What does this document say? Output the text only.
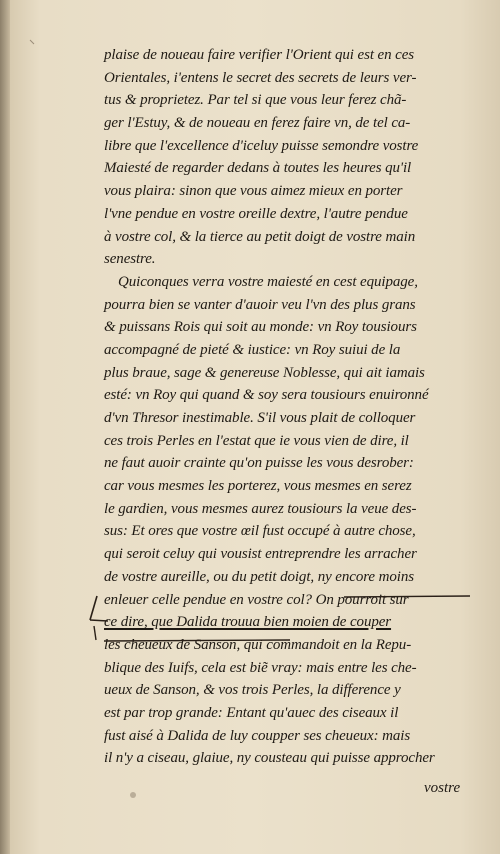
plaise de noueau faire verifier l'Orient qui est en ces
Orientales, i'entens le secret des secrets de leurs ver-
tus & proprietez. Par tel si que vous leur ferez chã-
ger l'Estuy, & de noueau en ferez faire vn, de tel ca-
libre que l'excellence d'iceluy puisse semondre vostre
Maiesté de regarder dedans à toutes les heures qu'il
vous plaira: sinon que vous aimez mieux en porter
l'vne pendue en vostre oreille dextre, l'autre pendue
à vostre col, & la tierce au petit doigt de vostre main
senestre.
Quiconques verra vostre maiesté en cest equipage,
pourra bien se vanter d'auoir veu l'vn des plus grans
& puissans Rois qui soit au monde: vn Roy tousiours
accompagné de pieté & iustice: vn Roy suiui de la
plus braue, sage & genereuse Noblesse, qui ait iamais
esté: vn Roy qui quand & soy sera tousiours enuironné
d'vn Thresor inestimable. S'il vous plait de colloquer
ces trois Perles en l'estat que ie vous vien de dire, il
ne faut auoir crainte qu'on puisse les vous desrober:
car vous mesmes les porterez, vous mesmes en serez
le gardien, vous mesmes aurez tousiours la veue des-
sus: Et ores que vostre œil fust occupé à autre chose,
qui seroit celuy qui vousist entreprendre les arracher
de vostre aureille, ou du petit doigt, ny encore moins
enleuer celle pendue en vostre col? On pourroit sur
ce dire, que Dalida trouua bien moien de couper
les cheueux de Sanson, qui commandoit en la Repu-
blique des Iuifs, cela est biẽ vray: mais entre les che-
ueux de Sanson, & vos trois Perles, la difference y
est par trop grande: Entant qu'auec des ciseaux il
fust aisé à Dalida de luy coupper ses cheueux: mais
il n'y a ciseau, glaiue, ny cousteau qui puisse approcher
vostre
